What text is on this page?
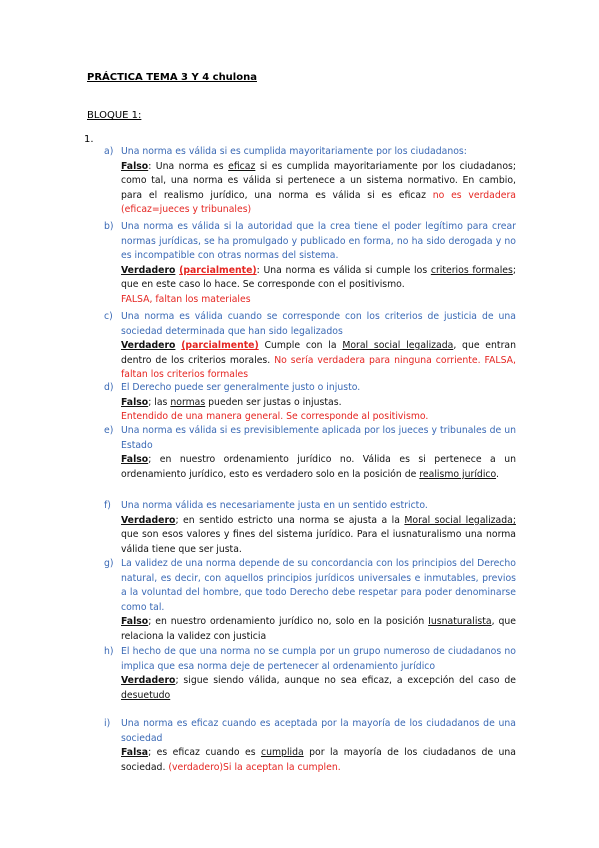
PRÁCTICA TEMA 3 Y 4 chulona
BLOQUE 1:
1.
a) Una norma es válida si es cumplida mayoritariamente por los ciudadanos:
Falso: Una norma es eficaz si es cumplida mayoritariamente por los ciudadanos; como tal, una norma es válida si pertenece a un sistema normativo. En cambio, para el realismo jurídico, una norma es válida si es eficaz no es verdadera (eficaz=jueces y tribunales)
b) Una norma es válida si la autoridad que la crea tiene el poder legítimo para crear normas jurídicas, se ha promulgado y publicado en forma, no ha sido derogada y no es incompatible con otras normas del sistema.
Verdadero (parcialmente): Una norma es válida si cumple los criterios formales; que en este caso lo hace. Se corresponde con el positivismo.
FALSA, faltan los materiales
c) Una norma es válida cuando se corresponde con los criterios de justicia de una sociedad determinada que han sido legalizados
Verdadero (parcialmente) Cumple con la Moral social legalizada, que entran dentro de los criterios morales. No sería verdadera para ninguna corriente. FALSA, faltan los criterios formales
d) El Derecho puede ser generalmente justo o injusto.
Falso; las normas pueden ser justas o injustas.
Entendido de una manera general. Se corresponde al positivismo.
e) Una norma es válida si es previsiblemente aplicada por los jueces y tribunales de un Estado
Falso; en nuestro ordenamiento jurídico no. Válida es si pertenece a un ordenamiento jurídico, esto es verdadero solo en la posición de realismo jurídico.
f)	Una norma válida es necesariamente justa en un sentido estricto.
Verdadero; en sentido estricto una norma se ajusta a la Moral social legalizada; que son esos valores y fines del sistema jurídico. Para el iusnaturalismo una norma válida tiene que ser justa.
g) La validez de una norma depende de su concordancia con los principios del Derecho natural, es decir, con aquellos principios jurídicos universales e inmutables, previos a la voluntad del hombre, que todo Derecho debe respetar para poder denominarse como tal.
Falso; en nuestro ordenamiento jurídico no, solo en la posición Iusnaturalista, que relaciona la validez con justicia
h) El hecho de que una norma no se cumpla por un grupo numeroso de ciudadanos no implica que esa norma deje de pertenecer al ordenamiento jurídico
Verdadero; sigue siendo válida, aunque no sea eficaz, a excepción del caso de desuetudo
i)	Una norma es eficaz cuando es aceptada por la mayoría de los ciudadanos de una sociedad
Falsa; es eficaz cuando es cumplida por la mayoría de los ciudadanos de una sociedad. (verdadero)Si la aceptan la cumplen.
